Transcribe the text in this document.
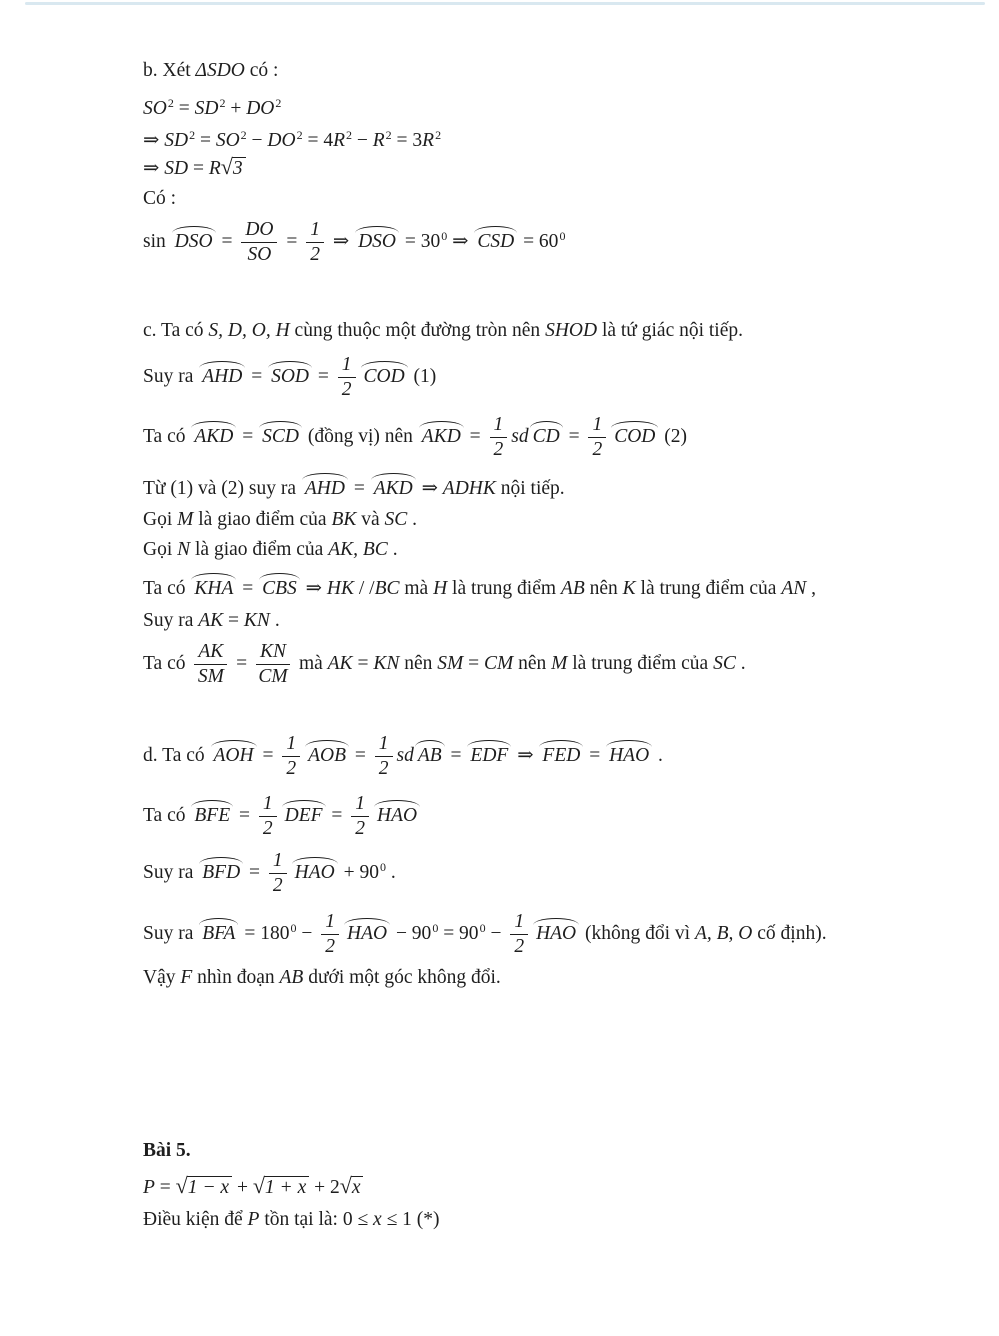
b. Xét ΔSDO có :
$SO^2 = SD^2 + DO^2$
⇒ $SD^2 = SO^2 - DO^2 = 4R^2 - R^2 = 3R^2$
⇒ SD = R√3
Có :
sin DSO = $\frac{DO}{SO} = \frac{1}{2}$ ⇒ DSO = $30^0$ ⇒ CSD = $60^0$
c. Ta có S, D, O, H cùng thuộc một đường tròn nên SHOD là tứ giác nội tiếp.
Suy ra AHD = SOD = $\frac{1}{2}$ COD (1)
Ta có AKD = SCD (đồng vị) nên AKD = $\frac{1}{2}$ sd CD = $\frac{1}{2}$ COD (2)
Từ (1) và (2) suy ra AHD = AKD ⇒ ADHK nội tiếp.
Gọi M là giao điểm của BK và SC .
Gọi N là giao điểm của AK, BC .
Ta có KHA = CBS ⇒ HK / /BC mà H là trung điểm AB nên K là trung điểm của AN ,
Suy ra AK = KN .
Ta có $\frac{AK}{SM} = \frac{KN}{CM}$ mà AK = KN nên SM = CM nên M là trung điểm của SC .
d. Ta có AOH = $\frac{1}{2}$ AOB = $\frac{1}{2}$ sd AB = EDF ⇒ FED = HAO .
Ta có BFE = $\frac{1}{2}$ DEF = $\frac{1}{2}$ HAO
Suy ra BFD = $\frac{1}{2}$ HAO + $90^0$ .
Suy ra BFA = $180^0 - \frac{1}{2}$ HAO − $90^0 = 90^0 - \frac{1}{2}$ HAO (không đổi vì A, B, O cố định).
Vậy F nhìn đoạn AB dưới một góc không đổi.
Bài 5.
P = √1 − x + √1 + x + 2√x
Điều kiện để P tồn tại là: 0 ≤ x ≤ 1 (*)
